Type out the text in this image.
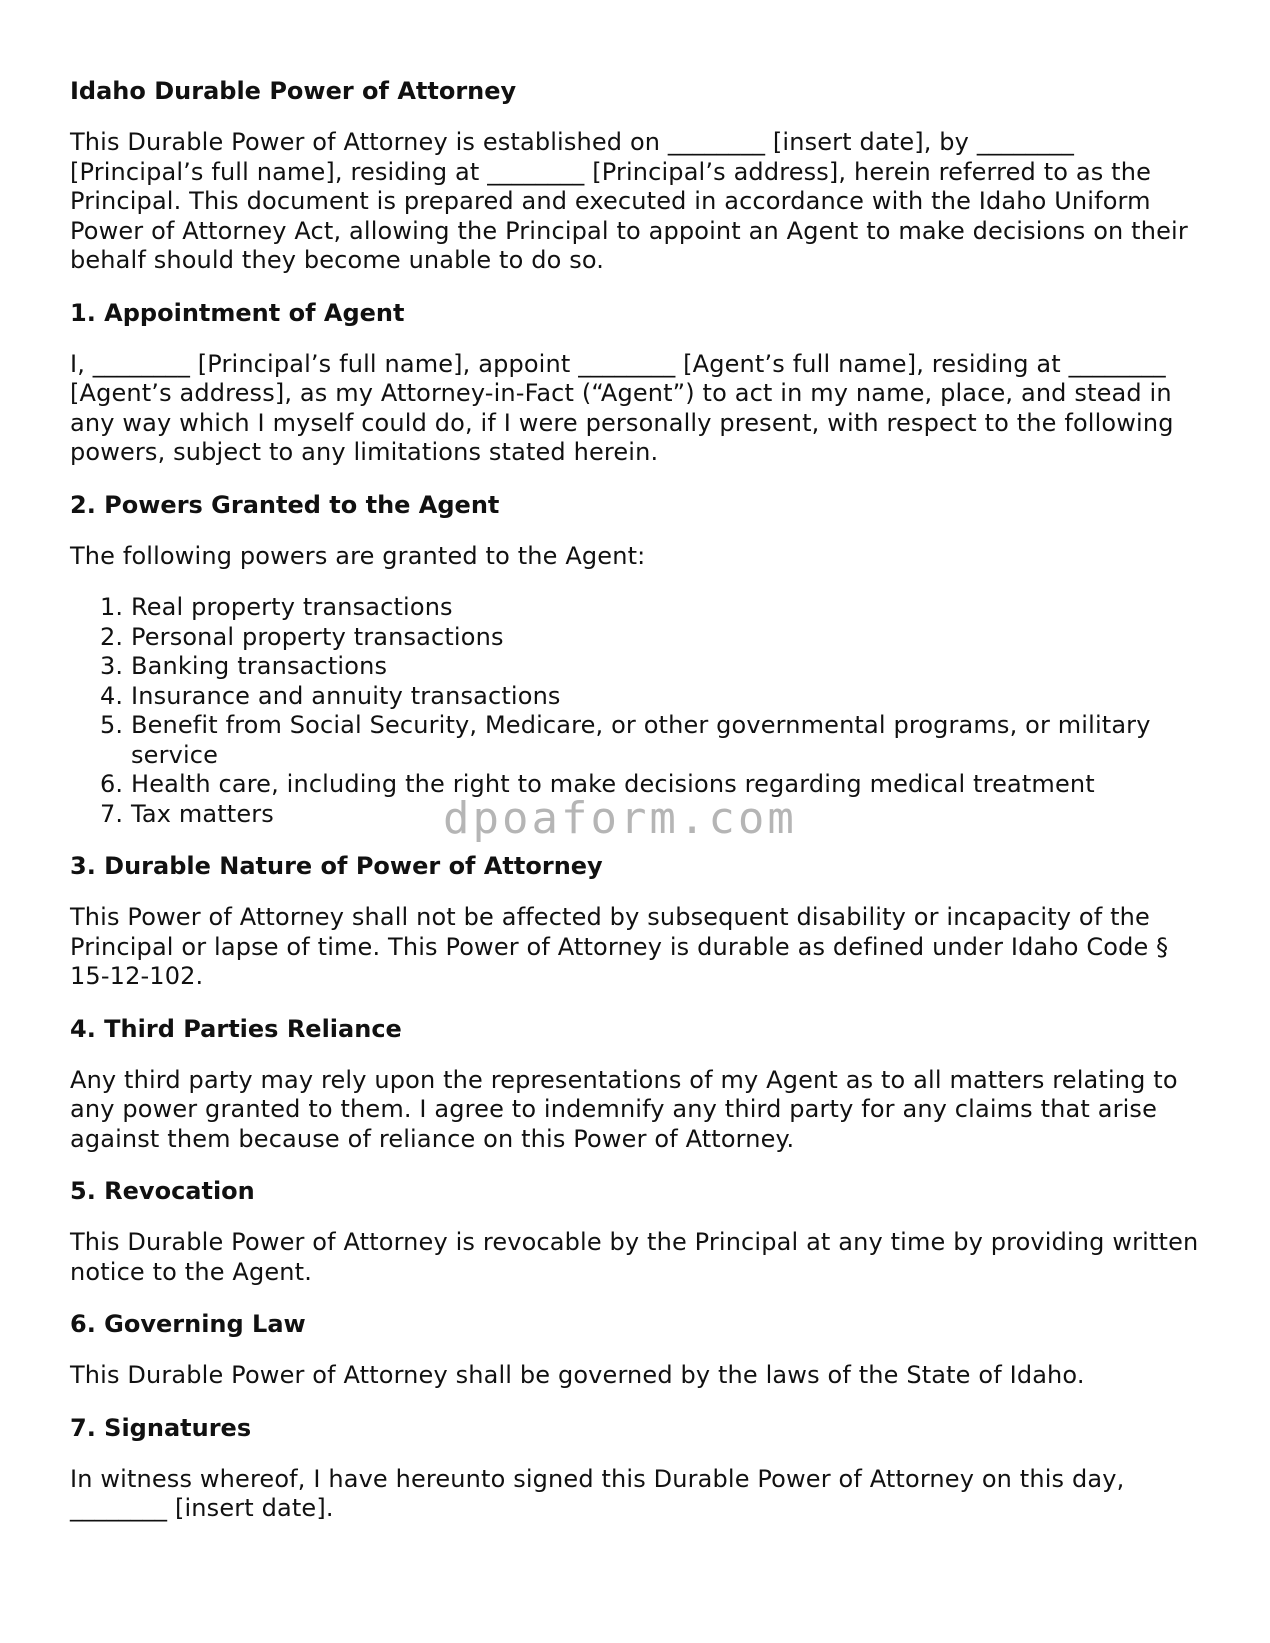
Idaho Durable Power of Attorney

This Durable Power of Attorney is established on ________ [insert date], by ________ [Principal’s full name], residing at ________ [Principal’s address], herein referred to as the Principal. This document is prepared and executed in accordance with the Idaho Uniform Power of Attorney Act, allowing the Principal to appoint an Agent to make decisions on their behalf should they become unable to do so.

1. Appointment of Agent

I, ________ [Principal’s full name], appoint ________ [Agent’s full name], residing at ________ [Agent’s address], as my Attorney-in-Fact (“Agent”) to act in my name, place, and stead in any way which I myself could do, if I were personally present, with respect to the following powers, subject to any limitations stated herein.

2. Powers Granted to the Agent

The following powers are granted to the Agent:

1. Real property transactions
2. Personal property transactions
3. Banking transactions
4. Insurance and annuity transactions
5. Benefit from Social Security, Medicare, or other governmental programs, or military service
6. Health care, including the right to make decisions regarding medical treatment
7. Tax matters
3. Durable Nature of Power of Attorney

This Power of Attorney shall not be affected by subsequent disability or incapacity of the Principal or lapse of time. This Power of Attorney is durable as defined under Idaho Code § 15-12-102.

4. Third Parties Reliance

Any third party may rely upon the representations of my Agent as to all matters relating to any power granted to them. I agree to indemnify any third party for any claims that arise against them because of reliance on this Power of Attorney.

5. Revocation

This Durable Power of Attorney is revocable by the Principal at any time by providing written notice to the Agent.

6. Governing Law

This Durable Power of Attorney shall be governed by the laws of the State of Idaho.

7. Signatures

In witness whereof, I have hereunto signed this Durable Power of Attorney on this day, ________ [insert date].

dpoaform.com
